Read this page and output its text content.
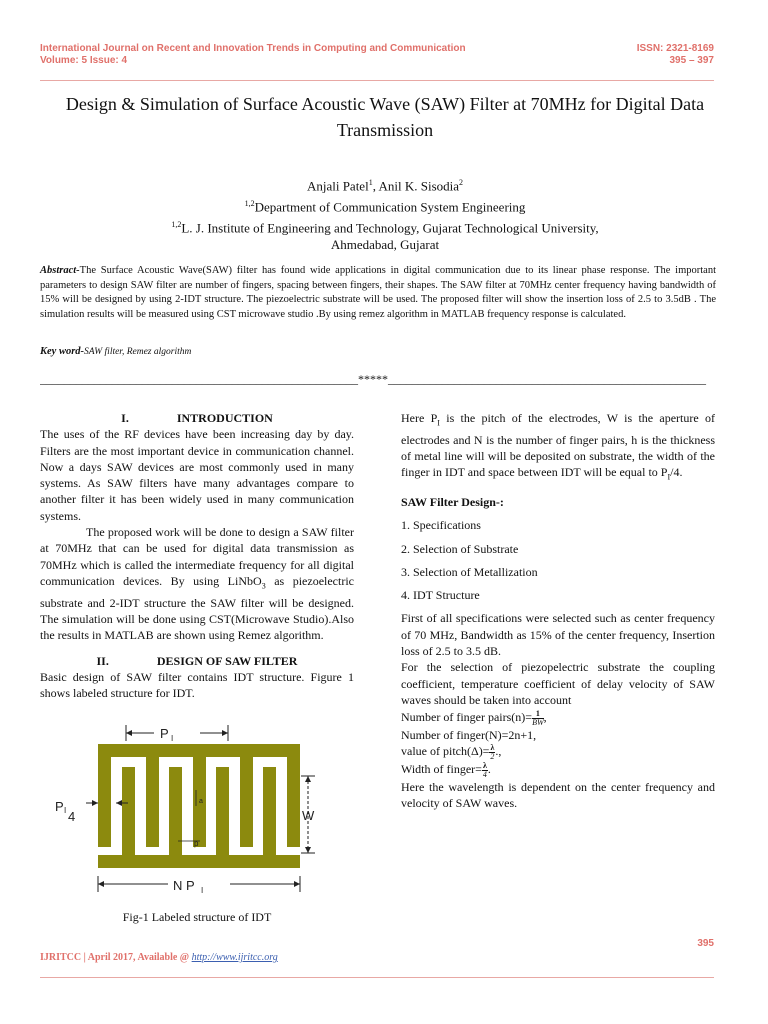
International Journal on Recent and Innovation Trends in Computing and Communication
Volume: 5 Issue: 4
ISSN: 2321-8169
395 – 397
Design & Simulation of Surface Acoustic Wave (SAW) Filter at 70MHz for Digital Data Transmission
Anjali Patel$^1$, Anil K. Sisodia$^2$
$^{1,2}$Department of Communication System Engineering
$^{1,2}$L. J. Institute of Engineering and Technology, Gujarat Technological University,
Ahmedabad, Gujarat
Abstract-The Surface Acoustic Wave(SAW) filter has found wide applications in digital communication due to its linear phase response. The important parameters to design SAW filter are number of fingers, spacing between fingers, their shapes. The SAW filter at 70MHz center frequency having bandwidth of 15% will be designed by using 2-IDT structure. The piezoelectric substrate will be used. The proposed filter will show the insertion loss of 2.5 to 3.5dB . The simulation results will be measured using CST microwave studio .By using remez algorithm in MATLAB frequency response is calculated.
Key word-SAW filter, Remez algorithm
_____________________________________________________*****_____________________________________________________

I.	INTRODUCTION

The uses of the RF devices have been increasing day by day. Filters are the most important device in communication channel. Now a days SAW devices are most commonly used in many systems. As SAW filters have many advantages compare to another filter it has been widely used in many communication systems.

The proposed work will be done to design a SAW filter at 70MHz that can be used for digital data transmission as 70MHz which is called the intermediate frequency for all digital communication devices. By using LiNbO$_3$ as piezoelectric substrate and 2-IDT structure the SAW filter will be designed. The simulation will be done using CST(Microwave Studio).Also the results in MATLAB are shown using Remez algorithm.

II.	DESIGN OF SAW FILTER

Basic design of SAW filter contains IDT structure. Figure 1 shows labeled structure for IDT.

P I
P I 4
a
p
W
N P I
Fig-1 Labeled structure of IDT

Here $P_I$ is the pitch of the electrodes, W is the aperture of electrodes and N is the number of finger pairs, h is the thickness of metal line will will be deposited on substrate, the width of the finger in IDT and space between IDT will be equal to $P_I/4$.

SAW Filter Design-:

1. Specifications

2. Selection of Substrate

3. Selection of Metallization

4. IDT Structure

First of all specifications were selected such as center frequency of 70 MHz, Bandwidth as 15% of the center frequency, Insertion loss of 2.5 to 3.5 dB.

For the selection of piezopelectric substrate the coupling coefficient, temperature coefficient of delay velocity of SAW waves should be taken into account

Number of finger pairs(n)= $\frac{1}{BW}$ ,

Number of finger(N)=2n+1,

value of pitch(Δ)= $\frac{\lambda}{2}$ .,

Width of finger= $\frac{\lambda}{4}$ .

Here the wavelength is dependent on the center frequency and velocity of SAW waves.

395
IJRITCC | April 2017, Available @ http://www.ijritcc.org
